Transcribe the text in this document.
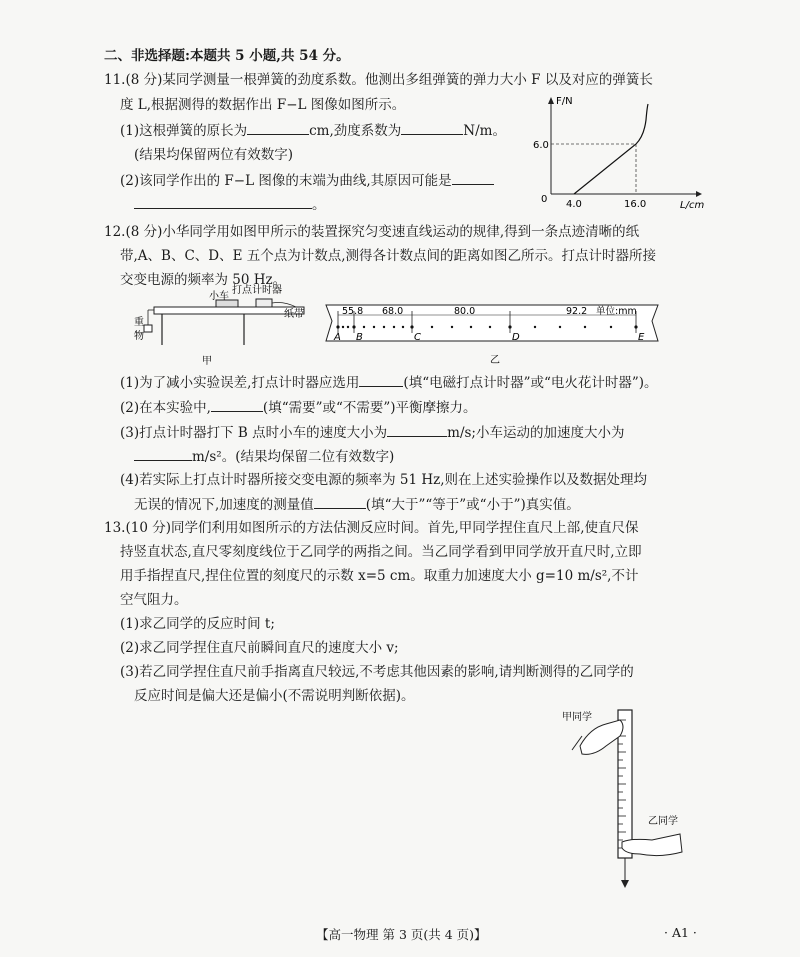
二、非选择题:本题共 5 小题,共 54 分。
11.(8 分)某同学测量一根弹簧的劲度系数。他测出多组弹簧的弹力大小 F 以及对应的弹簧长
度 L,根据测得的数据作出 F−L 图像如图所示。
(1)这根弹簧的原长为	cm,劲度系数为	N/m。
(结果均保留两位有效数字)
(2)该同学作出的 F−L 图像的末端为曲线,其原因可能是
。
F/N
L/cm
0
6.0
4.0	16.0
12.(8 分)小华同学用如图甲所示的装置探究匀变速直线运动的规律,得到一条点迹清晰的纸
带,A、B、C、D、E 五个点为计数点,测得各计数点间的距离如图乙所示。打点计时器所接
交变电源的频率为 50 Hz。
小车
打点计时器
纸带
重
物
甲
55.8 68.0	80.0	92.2 单位:mm
A B	C	D	E
乙
(1)为了减小实验误差,打点计时器应选用	(填“电磁打点计时器”或“电火花计时器”)。
(2)在本实验中,	(填“需要”或“不需要”)平衡摩擦力。
(3)打点计时器打下 B 点时小车的速度大小为	m/s;小车运动的加速度大小为
m/s²。(结果均保留二位有效数字)
(4)若实际上打点计时器所接交变电源的频率为 51 Hz,则在上述实验操作以及数据处理均
无误的情况下,加速度的测量值	(填“大于”“等于”或“小于”)真实值。
13.(10 分)同学们利用如图所示的方法估测反应时间。首先,甲同学捏住直尺上部,使直尺保
持竖直状态,直尺零刻度线位于乙同学的两指之间。当乙同学看到甲同学放开直尺时,立即
用手指捏直尺,捏住位置的刻度尺的示数 x=5 cm。取重力加速度大小 g=10 m/s²,不计
空气阻力。
(1)求乙同学的反应时间 t;
(2)求乙同学捏住直尺前瞬间直尺的速度大小 v;
(3)若乙同学捏住直尺前手指离直尺较远,不考虑其他因素的影响,请判断测得的乙同学的
反应时间是偏大还是偏小(不需说明判断依据)。
甲同学
乙同学
【高一物理 第 3 页(共 4 页)】	· A1 ·
